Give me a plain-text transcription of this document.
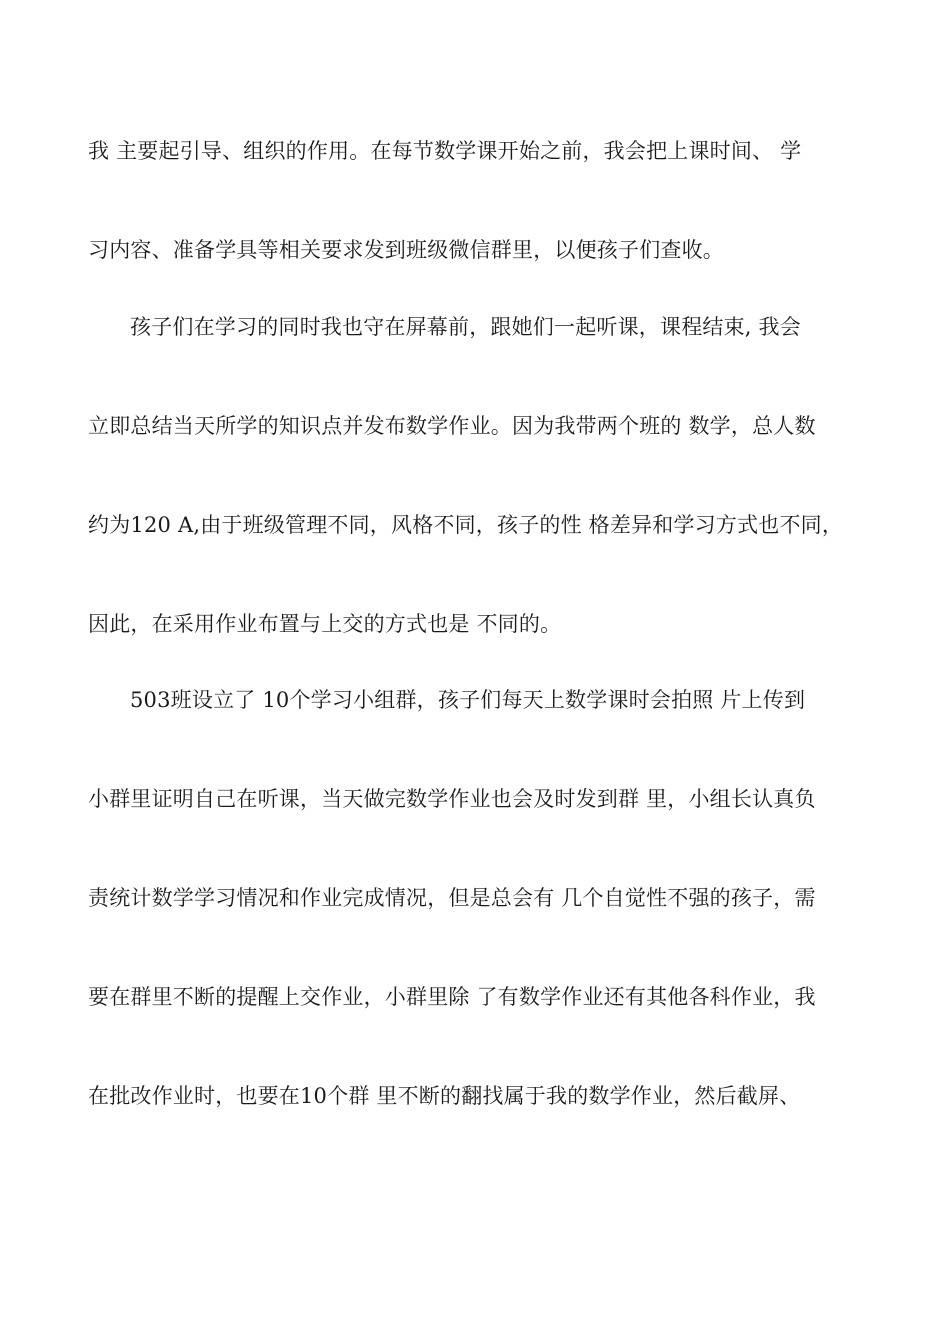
我 主要起引导、组织的作用。在每节数学课开始之前，我会把上课时间、 学
习内容、准备学具等相关要求发到班级微信群里，以便孩子们查收。
孩子们在学习的同时我也守在屏幕前，跟她们一起听课，课程结束, 我会
立即总结当天所学的知识点并发布数学作业。因为我带两个班的 数学，总人数
约为120 A,由于班级管理不同，风格不同，孩子的性 格差异和学习方式也不同，
因此，在采用作业布置与上交的方式也是 不同的。
503班设立了 10个学习小组群，孩子们每天上数学课时会拍照 片上传到
小群里证明自己在听课，当天做完数学作业也会及时发到群 里，小组长认真负
责统计数学学习情况和作业完成情况，但是总会有 几个自觉性不强的孩子，需
要在群里不断的提醒上交作业，小群里除 了有数学作业还有其他各科作业，我
在批改作业时，也要在10个群 里不断的翻找属于我的数学作业，然后截屏、
